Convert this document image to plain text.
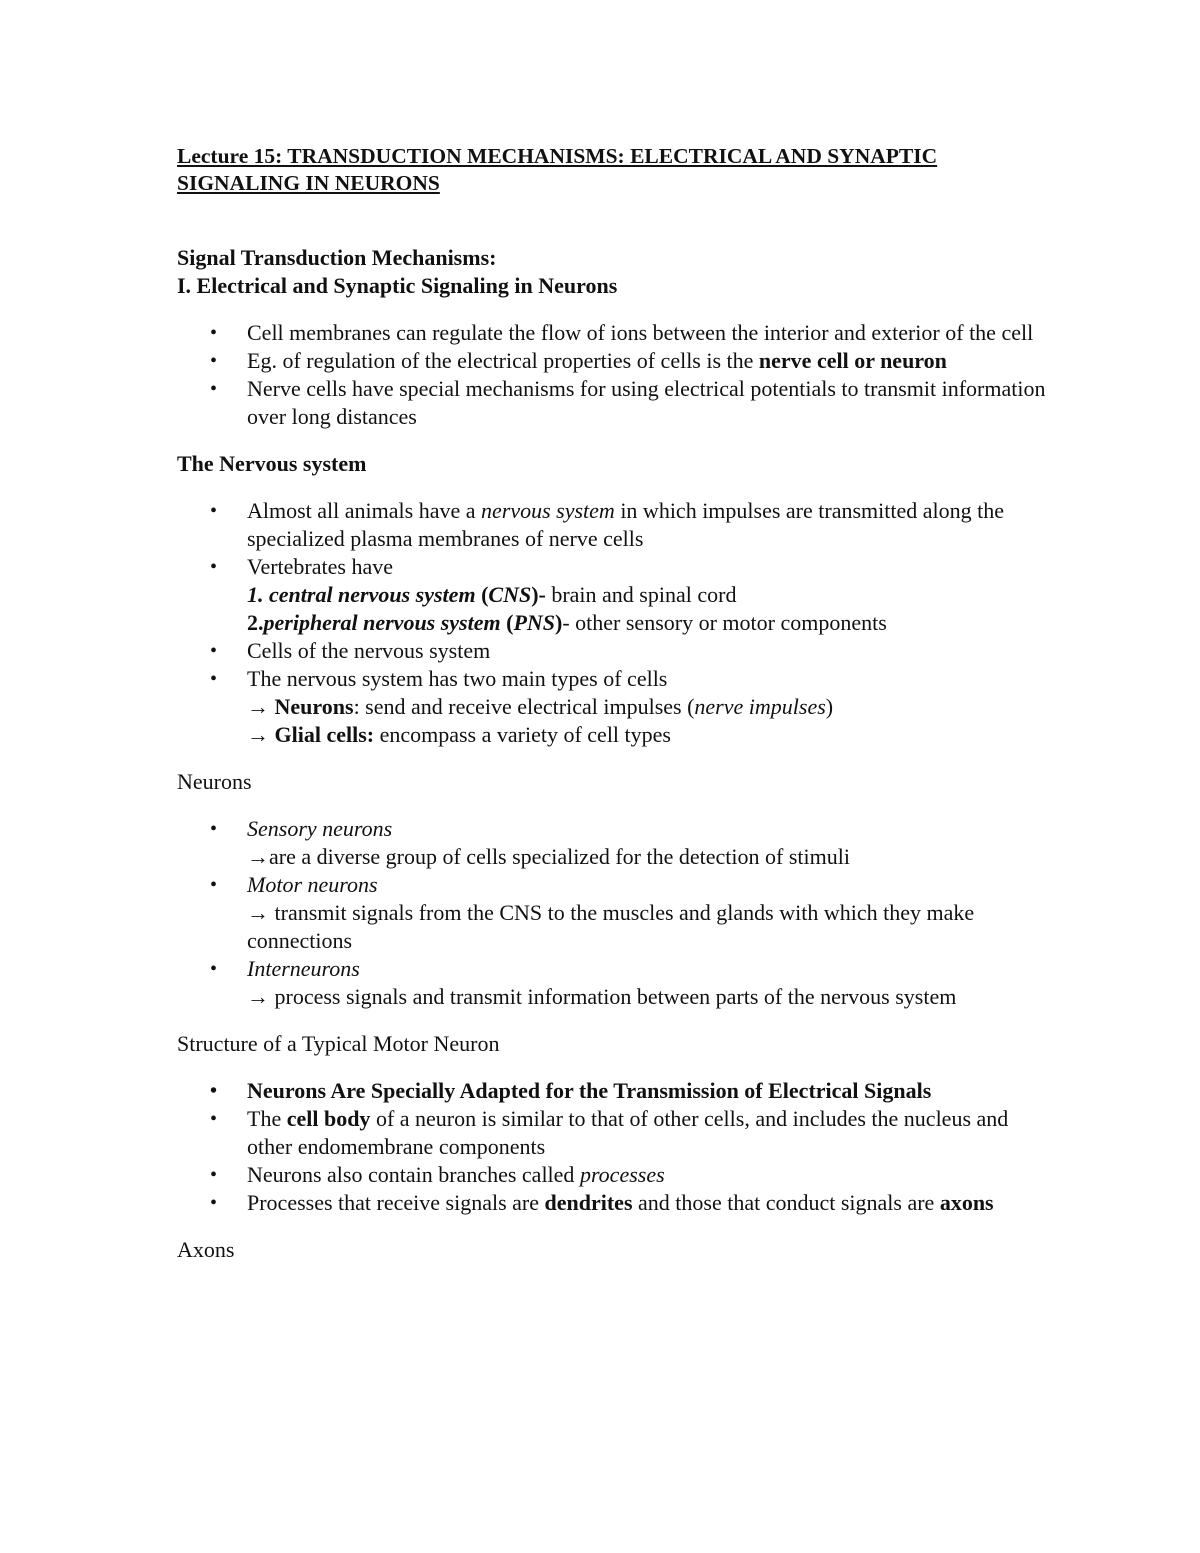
Lecture 15: TRANSDUCTION MECHANISMS: ELECTRICAL AND SYNAPTIC
SIGNALING IN NEURONS
Signal Transduction Mechanisms:
I. Electrical and Synaptic Signaling in Neurons
• Cell membranes can regulate the flow of ions between the interior and exterior of the cell
• Eg. of regulation of the electrical properties of cells is the nerve cell or neuron
• Nerve cells have special mechanisms for using electrical potentials to transmit information over long distances
The Nervous system
• Almost all animals have a nervous system in which impulses are transmitted along the specialized plasma membranes of nerve cells
• Vertebrates have
1. central nervous system (CNS)- brain and spinal cord
2.peripheral nervous system (PNS)- other sensory or motor components
• Cells of the nervous system
• The nervous system has two main types of cells
→ Neurons: send and receive electrical impulses (nerve impulses)
→ Glial cells: encompass a variety of cell types
Neurons
• Sensory neurons
→are a diverse group of cells specialized for the detection of stimuli
• Motor neurons
→ transmit signals from the CNS to the muscles and glands with which they make connections
• Interneurons
→ process signals and transmit information between parts of the nervous system
Structure of a Typical Motor Neuron
• Neurons Are Specially Adapted for the Transmission of Electrical Signals
• The cell body of a neuron is similar to that of other cells, and includes the nucleus and other endomembrane components
• Neurons also contain branches called processes
• Processes that receive signals are dendrites and those that conduct signals are axons
Axons
